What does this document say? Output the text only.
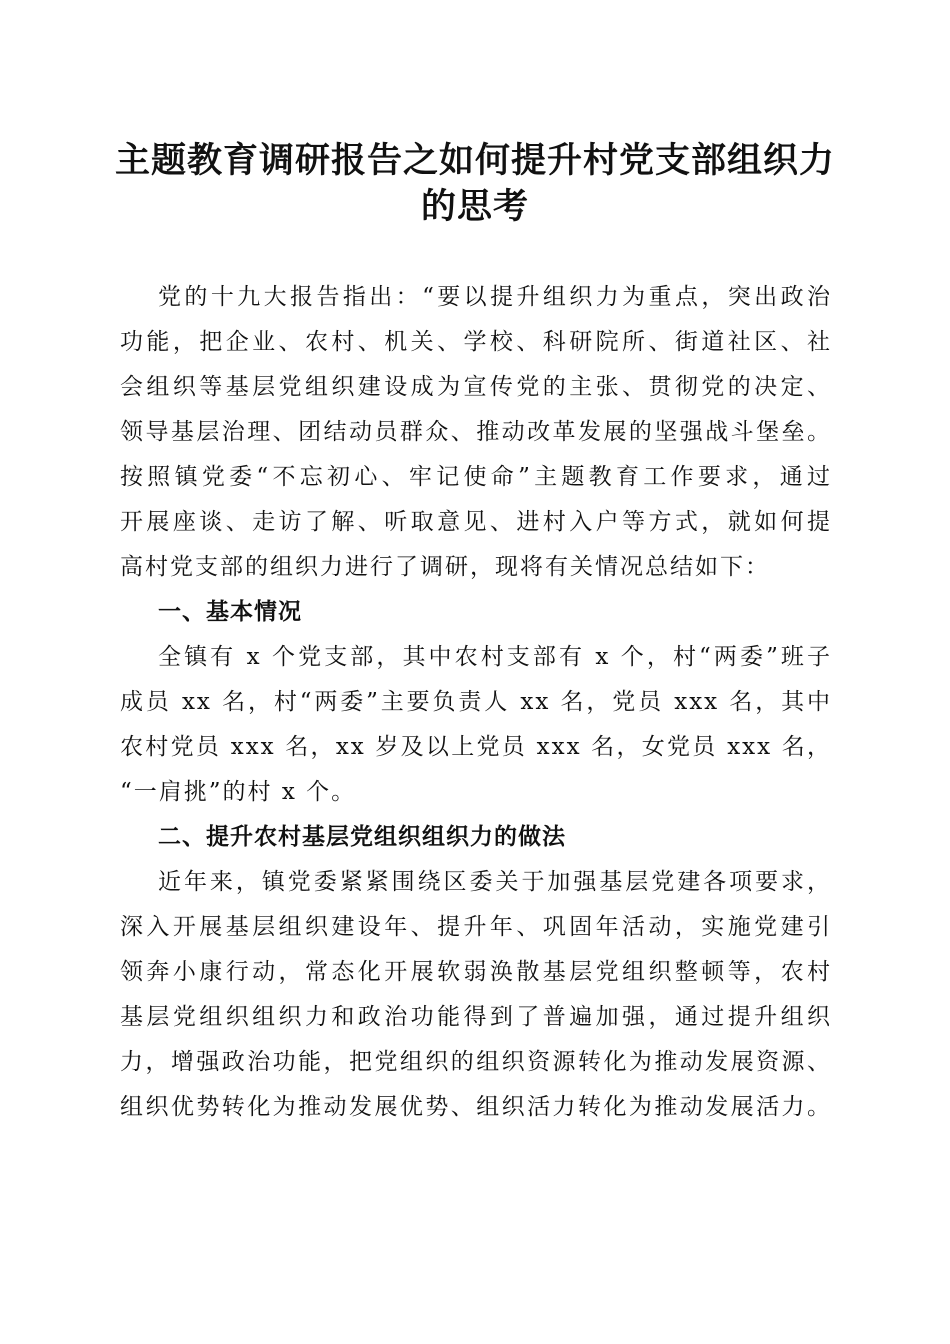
主题教育调研报告之如何提升村党支部组织力
的思考
党的十九大报告指出：“要以提升组织力为重点，突出政治
功能，把企业、农村、机关、学校、科研院所、街道社区、社
会组织等基层党组织建设成为宣传党的主张、贯彻党的决定、
领导基层治理、团结动员群众、推动改革发展的坚强战斗堡垒。
按照镇党委“不忘初心、牢记使命”主题教育工作要求，通过
开展座谈、走访了解、听取意见、进村入户等方式，就如何提
高村党支部的组织力进行了调研，现将有关情况总结如下：
一、基本情况
全镇有 x 个党支部，其中农村支部有 x 个，村“两委”班子
成员 xx 名，村“两委”主要负责人 xx 名，党员 xxx 名，其中
农村党员 xxx 名，xx 岁及以上党员 xxx 名，女党员 xxx 名，
“一肩挑”的村 x 个。
二、提升农村基层党组织组织力的做法
近年来，镇党委紧紧围绕区委关于加强基层党建各项要求，
深入开展基层组织建设年、提升年、巩固年活动，实施党建引
领奔小康行动，常态化开展软弱涣散基层党组织整顿等，农村
基层党组织组织力和政治功能得到了普遍加强，通过提升组织
力，增强政治功能，把党组织的组织资源转化为推动发展资源、
组织优势转化为推动发展优势、组织活力转化为推动发展活力。
